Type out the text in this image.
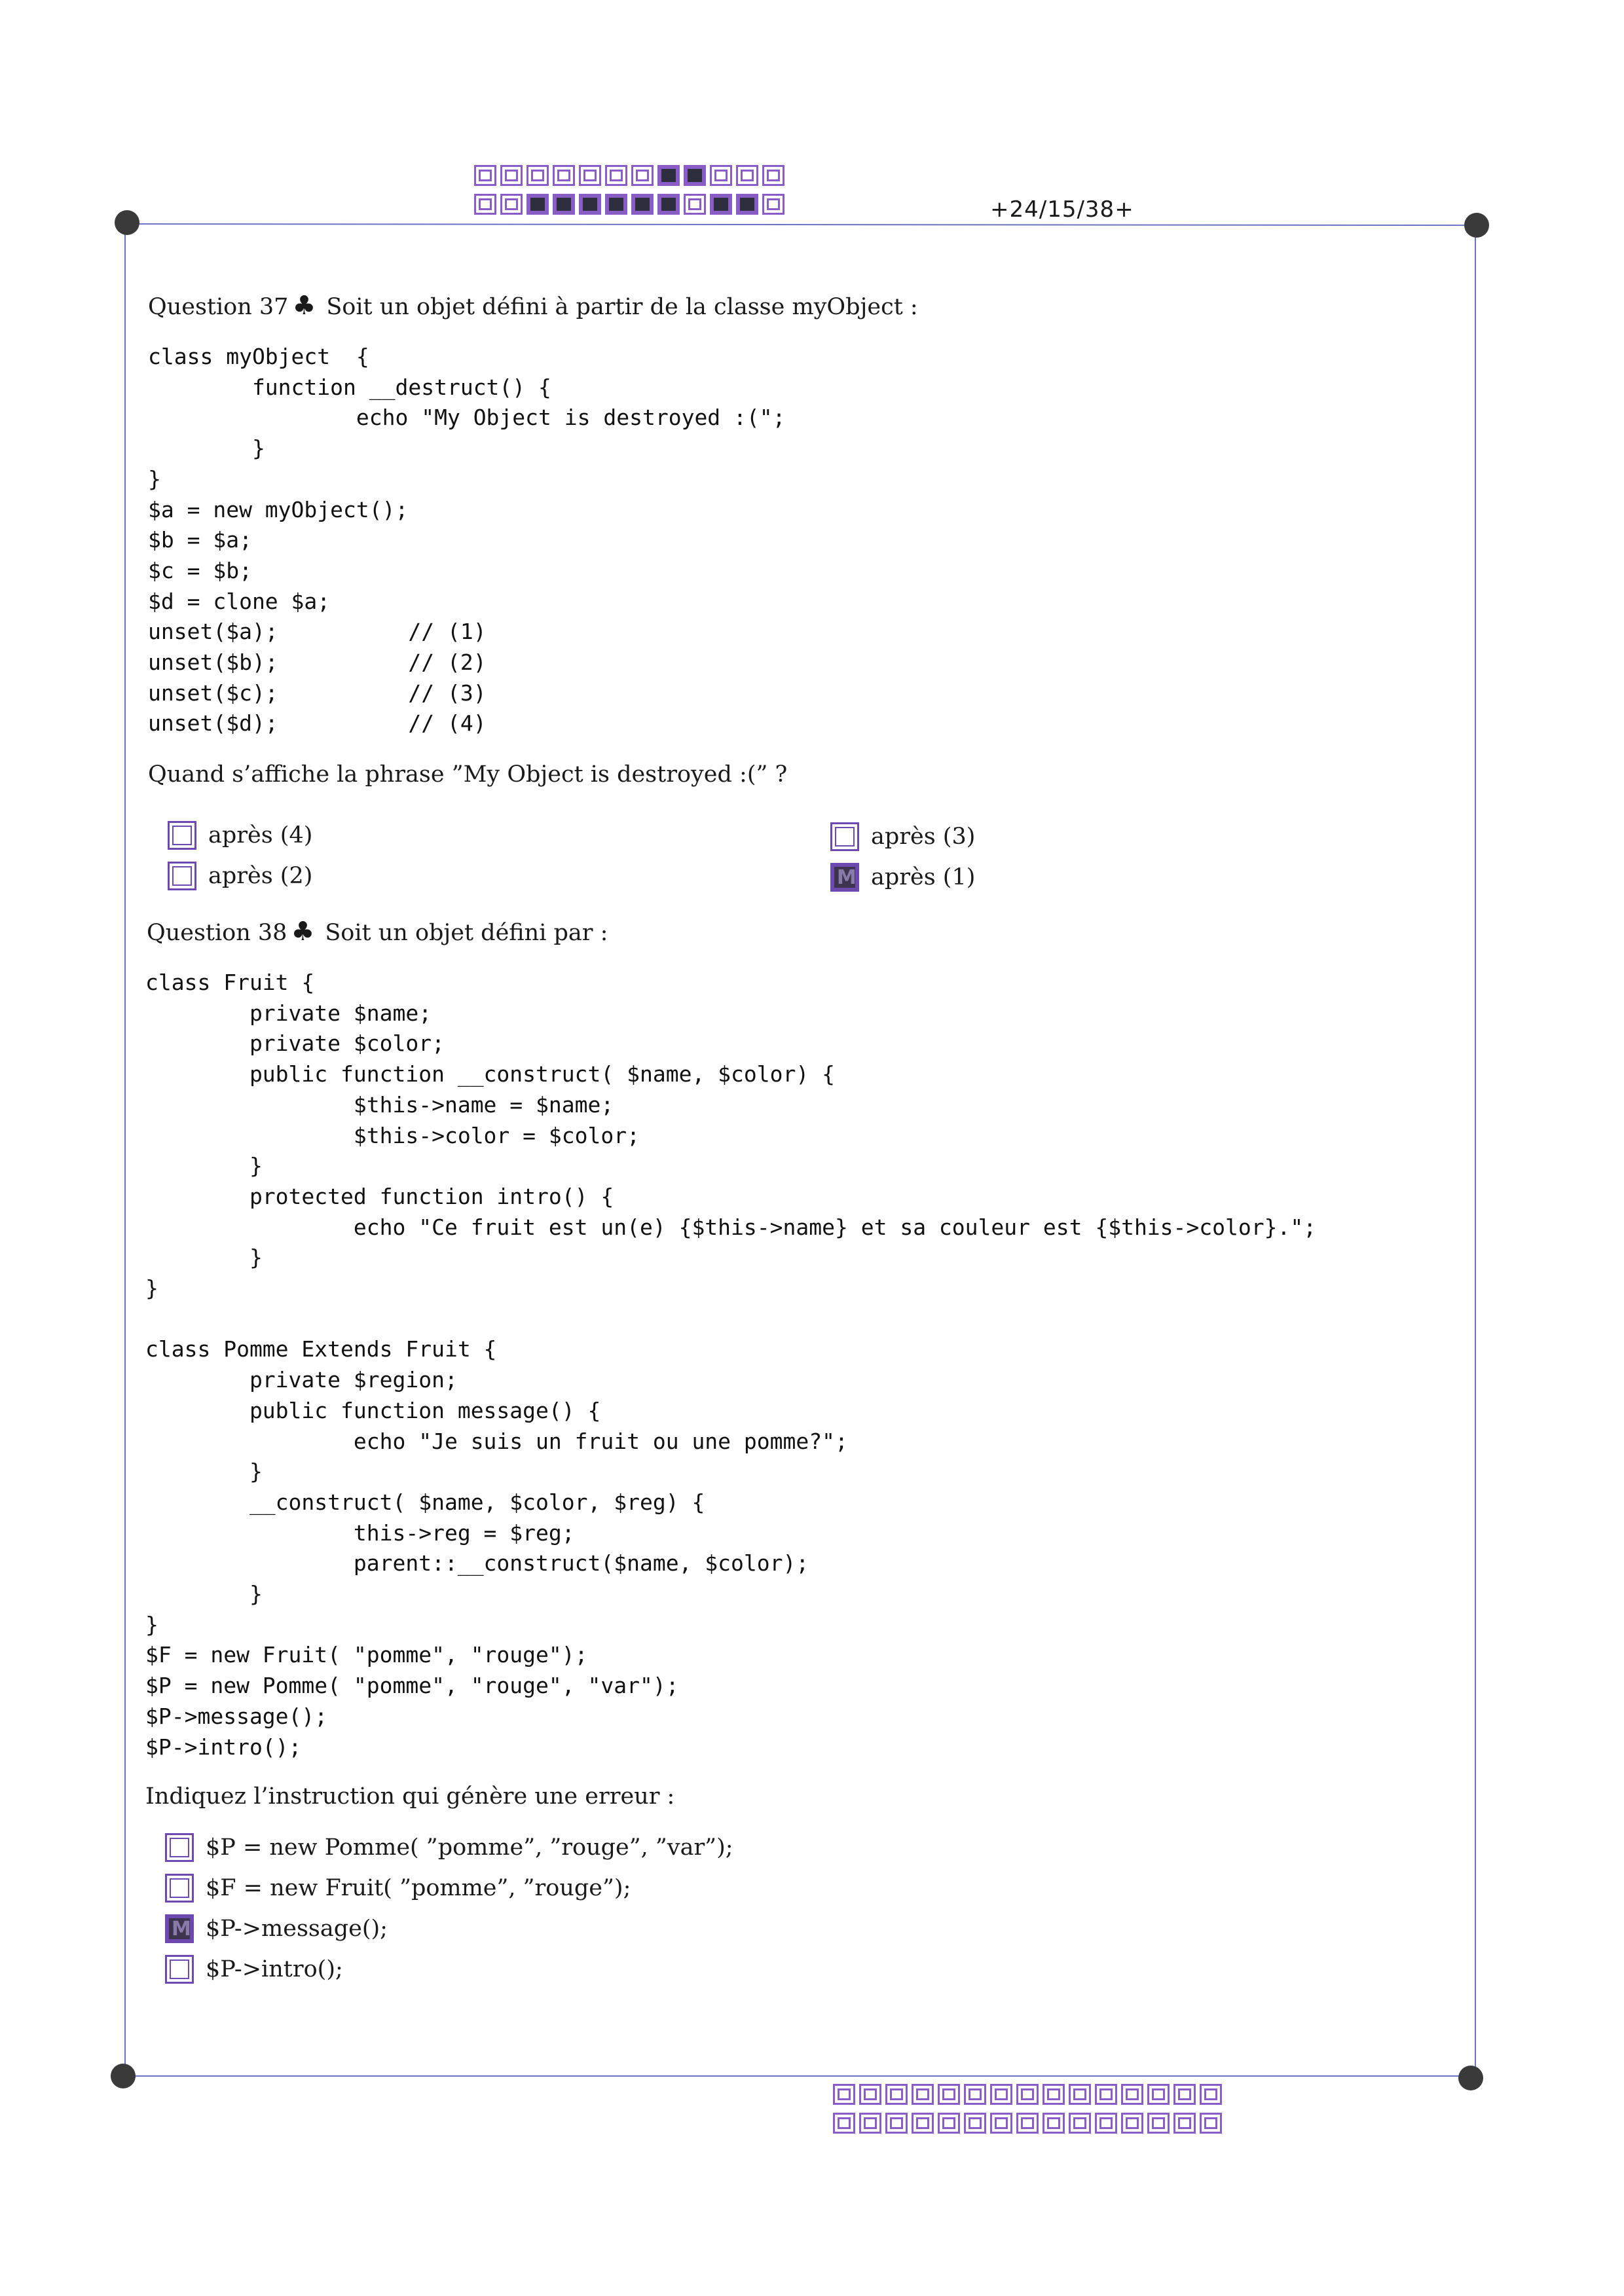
+24/15/38+
Question 37 ♣ Soit un objet défini à partir de la classe myObject :
class myObject  {
function __destruct() {
echo "My Object is destroyed :(";
}
}
$a = new myObject();
$b = $a;
$c = $b;
$d = clone $a;
unset($a);          // (1)
unset($b);          // (2)
unset($c);          // (3)
unset($d);          // (4)
Quand s’affiche la phrase ”My Object is destroyed :(” ?
après (4)	après (3)
après (2)
M	après (1)
Question 38 ♣ Soit un objet défini par :
class Fruit {
private $name;
private $color;
public function __construct( $name, $color) {
$this->name = $name;
$this->color = $color;
}
protected function intro() {
echo "Ce fruit est un(e) {$this->name} et sa couleur est {$this->color}.";
}
}

class Pomme Extends Fruit {
private $region;
public function message() {
echo "Je suis un fruit ou une pomme?";
}
__construct( $name, $color, $reg) {
this->reg = $reg;
parent::__construct($name, $color);
}
}
$F = new Fruit( "pomme", "rouge");
$P = new Pomme( "pomme", "rouge", "var");
$P->message();
$P->intro();
Indiquez l’instruction qui génère une erreur :
$P = new Pomme( ”pomme”, ”rouge”, ”var”);
$F = new Fruit( ”pomme”, ”rouge”);
M
$P->message();
$P->intro();
